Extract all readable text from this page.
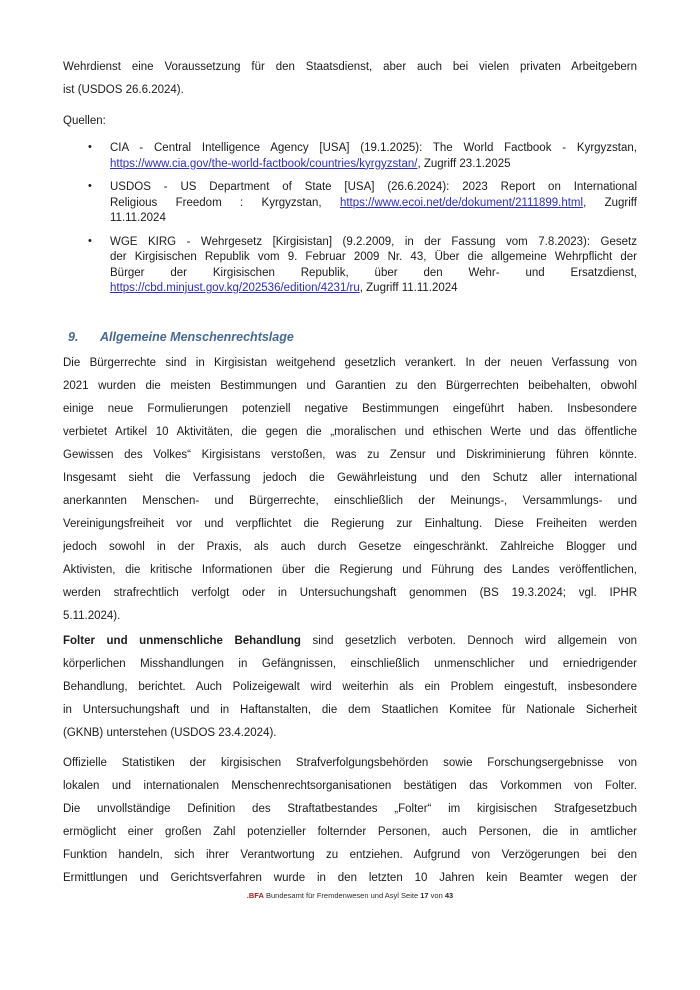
Wehrdienst eine Voraussetzung für den Staatsdienst, aber auch bei vielen privaten Arbeitgebern
ist (USDOS 26.6.2024).
Quellen:
• CIA - Central Intelligence Agency [USA] (19.1.2025): The World Factbook - Kyrgyzstan,
https://www.cia.gov/the-world-factbook/countries/kyrgyzstan/, Zugriff 23.1.2025
• USDOS - US Department of State [USA] (26.6.2024): 2023 Report on International
Religious Freedom : Kyrgyzstan, https://www.ecoi.net/de/dokument/2111899.html, Zugriff
11.11.2024
• WGE KIRG - Wehrgesetz [Kirgisistan] (9.2.2009, in der Fassung vom 7.8.2023): Gesetz
der Kirgisischen Republik vom 9. Februar 2009 Nr. 43, Über die allgemeine Wehrpflicht der
Bürger der Kirgisischen Republik, über den Wehr- und Ersatzdienst,
https://cbd.minjust.gov.kg/202536/edition/4231/ru, Zugriff 11.11.2024
9. Allgemeine Menschenrechtslage
Die Bürgerrechte sind in Kirgisistan weitgehend gesetzlich verankert. In der neuen Verfassung von
2021 wurden die meisten Bestimmungen und Garantien zu den Bürgerrechten beibehalten, obwohl
einige neue Formulierungen potenziell negative Bestimmungen eingeführt haben. Insbesondere
verbietet Artikel 10 Aktivitäten, die gegen die „moralischen und ethischen Werte und das öffentliche
Gewissen des Volkes“ Kirgisistans verstoßen, was zu Zensur und Diskriminierung führen könnte.
Insgesamt sieht die Verfassung jedoch die Gewährleistung und den Schutz aller international
anerkannten Menschen- und Bürgerrechte, einschließlich der Meinungs-, Versammlungs- und
Vereinigungsfreiheit vor und verpflichtet die Regierung zur Einhaltung. Diese Freiheiten werden
jedoch sowohl in der Praxis, als auch durch Gesetze eingeschränkt. Zahlreiche Blogger und
Aktivisten, die kritische Informationen über die Regierung und Führung des Landes veröffentlichen,
werden strafrechtlich verfolgt oder in Untersuchungshaft genommen (BS 19.3.2024; vgl. IPHR
5.11.2024).
Folter und unmenschliche Behandlung sind gesetzlich verboten. Dennoch wird allgemein von
körperlichen Misshandlungen in Gefängnissen, einschließlich unmenschlicher und erniedrigender
Behandlung, berichtet. Auch Polizeigewalt wird weiterhin als ein Problem eingestuft, insbesondere
in Untersuchungshaft und in Haftanstalten, die dem Staatlichen Komitee für Nationale Sicherheit
(GKNB) unterstehen (USDOS 23.4.2024).
Offizielle Statistiken der kirgisischen Strafverfolgungsbehörden sowie Forschungsergebnisse von
lokalen und internationalen Menschenrechtsorganisationen bestätigen das Vorkommen von Folter.
Die unvollständige Definition des Straftatbestandes „Folter“ im kirgisischen Strafgesetzbuch
ermöglicht einer großen Zahl potenzieller folternder Personen, auch Personen, die in amtlicher
Funktion handeln, sich ihrer Verantwortung zu entziehen. Aufgrund von Verzögerungen bei den
Ermittlungen und Gerichtsverfahren wurde in den letzten 10 Jahren kein Beamter wegen der
.BFA Bundesamt für Fremdenwesen und Asyl Seite 17 von 43
